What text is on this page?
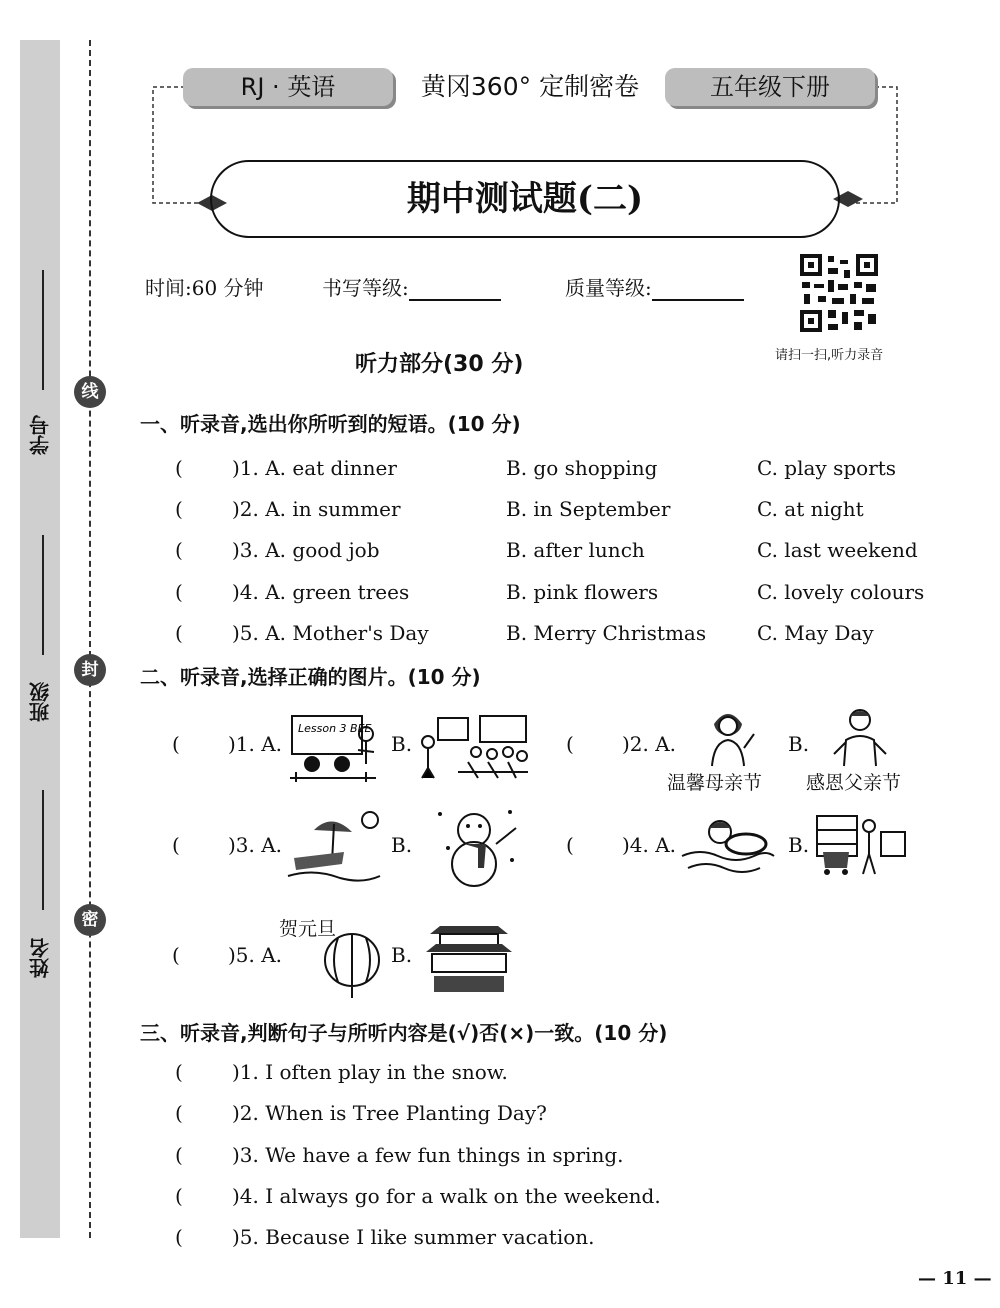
学号
班级
姓名
线
封
密
RJ · 英语	黄冈360° 定制密卷	五年级下册
期中测试题(二)
时间:60 分钟	书写等级:	质量等级:
请扫一扫,听力录音
听力部分(30 分)
一、听录音,选出你所听到的短语。(10 分)
( )1. A. eat dinner	B. go shopping	C. play sports
( )2. A. in summer	B. in September	C. at night
( )3. A. good job	B. after lunch	C. last weekend
( )4. A. green trees	B. pink flowers	C. lovely colours
( )5. A. Mother's Day	B. Merry Christmas	C. May Day
二、听录音,选择正确的图片。(10 分)
( )1. A.
Lesson 3 BEE
B.	( )2. A.
温馨母亲节
B.
感恩父亲节
( )3. A.	B.	( )4. A.	B.
贺元旦
( )5. A.	B.
三、听录音,判断句子与所听内容是(√)否(×)一致。(10 分)
( )1. I often play in the snow.
( )2. When is Tree Planting Day?
( )3. We have a few fun things in spring.
( )4. I always go for a walk on the weekend.
( )5. Because I like summer vacation.
— 11 —
